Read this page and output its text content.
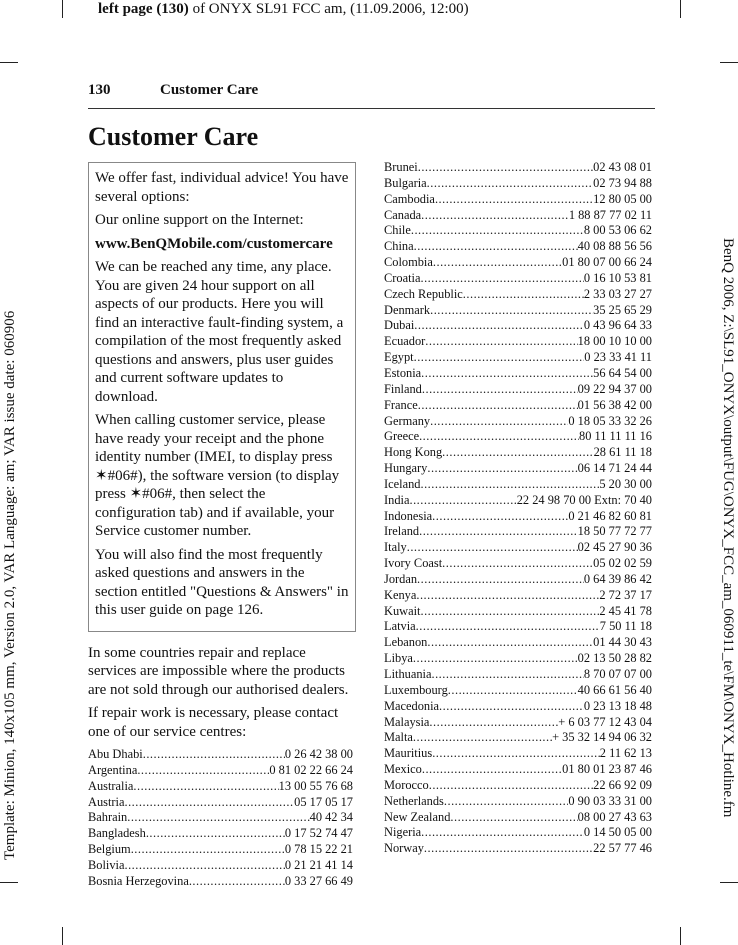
left page (130) of ONYX SL91 FCC am, (11.09.2006, 12:00)
Template: Minion, 140x105 mm, Version 2.0, VAR Language: am; VAR issue date: 060906	BenQ 2006, Z:\SL91_ONYX\output\FUG\ONYX_FCC_am_060911_te\FM\ONYX_Hotline.fm
130	Customer Care
Customer Care

We offer fast, individual advice! You have several options:

Our online support on the Internet:

www.BenQMobile.com/customercare

We can be reached any time, any place. You are given 24 hour support on all aspects of our products. Here you will find an interactive fault-finding system, a compilation of the most frequently asked questions and answers, plus user guides and current software updates to download.

When calling customer service, please have ready your receipt and the phone identity number (IMEI, to display press ✶#06#), the software version (to display press ✶#06#, then select the configuration tab) and if available, your Service customer number.

You will also find the most frequently asked questions and answers in the section entitled "Questions & Answers" in this user guide on page 126.

In some countries repair and replace services are impossible where the products are not sold through our authorised dealers.

If repair work is necessary, please contact one of our service centres:

Abu Dhabi .....	0 26 42 38 00
Argentina .....	0 81 02 22 66 24
Australia .....	13 00 55 76 68
Austria .....	05 17 05 17
Bahrain .....	40 42 34
Bangladesh .....	0 17 52 74 47
Belgium .....	0 78 15 22 21
Bolivia .....	0 21 21 41 14
Bosnia Herzegovina .....	0 33 27 66 49
Brunei .....	02 43 08 01
Bulgaria .....	02 73 94 88
Cambodia .....	12 80 05 00
Canada .....	1 88 87 77 02 11
Chile .....	8 00 53 06 62
China .....	40 08 88 56 56
Colombia .....	01 80 07 00 66 24
Croatia .....	0 16 10 53 81
Czech Republic .....	2 33 03 27 27
Denmark .....	35 25 65 29
Dubai .....	0 43 96 64 33
Ecuador .....	18 00 10 10 00
Egypt .....	0 23 33 41 11
Estonia .....	56 64 54 00
Finland .....	09 22 94 37 00
France .....	01 56 38 42 00
Germany .....	0 18 05 33 32 26
Greece .....	80 11 11 11 16
Hong Kong .....	28 61 11 18
Hungary .....	06 14 71 24 44
Iceland .....	5 20 30 00
India .....	22 24 98 70 00 Extn: 70 40
Indonesia .....	0 21 46 82 60 81
Ireland .....	18 50 77 72 77
Italy .....	02 45 27 90 36
Ivory Coast .....	05 02 02 59
Jordan .....	0 64 39 86 42
Kenya .....	2 72 37 17
Kuwait .....	2 45 41 78
Latvia .....	7 50 11 18
Lebanon .....	01 44 30 43
Libya .....	02 13 50 28 82
Lithuania .....	8 70 07 07 00
Luxembourg .....	40 66 61 56 40
Macedonia .....	0 23 13 18 48
Malaysia .....	+ 6 03 77 12 43 04
Malta .....	+ 35 32 14 94 06 32
Mauritius .....	2 11 62 13
Mexico .....	01 80 01 23 87 46
Morocco .....	22 66 92 09
Netherlands .....	0 90 03 33 31 00
New Zealand .....	08 00 27 43 63
Nigeria .....	0 14 50 05 00
Norway .....	22 57 77 46
